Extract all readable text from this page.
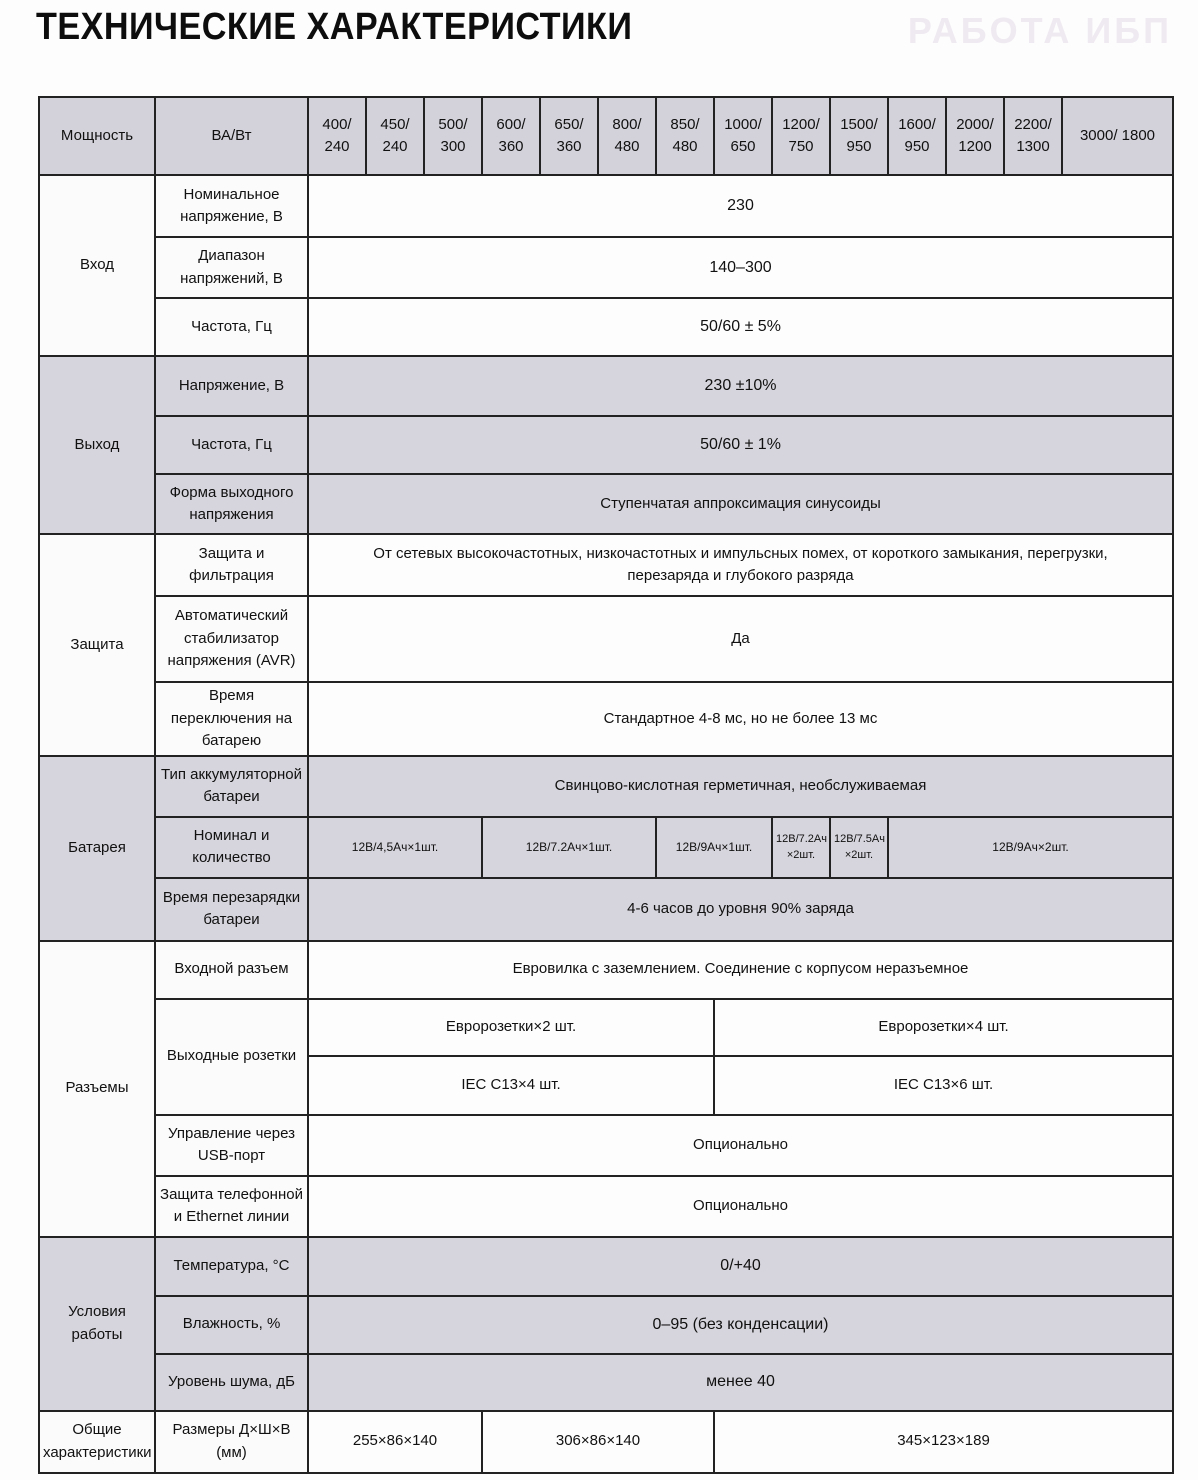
РАБОТА ИБП
ТЕХНИЧЕСКИЕ ХАРАКТЕРИСТИКИ
Мощность	ВА/Вт	400/ 240	450/ 240	500/ 300	600/ 360	650/ 360	800/ 480	850/ 480	1000/ 650	1200/ 750	1500/ 950	1600/ 950	2000/ 1200	2200/ 1300	3000/ 1800	
Вход	Номинальное напряжение, В	230														
	Диапазон напряжений, В	140–300														
	Частота, Гц	50/60 ± 5%														
Выход	Напряжение, В	230 ±10%														
	Частота, Гц	50/60 ± 1%														
	Форма выходного напряжения	Ступенчатая аппроксимация синусоиды														
Защита	Защита и фильтрация	От сетевых высокочастотных, низкочастотных и импульсных помех, от короткого замыкания, перегрузки, перезаряда и глубокого разряда														
	Автоматический стабилизатор напряжения (AVR)	Да														
	Время переключения на батарею	Стандартное 4-8 мс, но не более 13 мс														
Батарея	Тип аккумуляторной батареи	Свинцово-кислотная герметичная, необслуживаемая														
	Номинал и количество	12В/4,5Ач×1шт.			12В/7.2Ач×1шт.			12В/9Ач×1шт.		12В/7.2Ач ×2шт.	12В/7.5Ач ×2шт.	12В/9Ач×2шт.	
	Время перезарядки батареи	4-6 часов до уровня 90% заряда														
Разъемы	Входной разъем	Евровилка с заземлением. Соединение с корпусом неразъемное														
	Выходные розетки	Евророзетки×2 шт.							Евророзетки×4 шт.							
		IEC C13×4 шт.							IEC C13×6 шт.							
	Управление через USB-порт	Опционально														
	Защита телефонной и Ethernet линии	Опционально														
Условия работы	Температура, °С	0/+40														
	Влажность, %	0–95 (без конденсации)														
	Уровень шума, дБ	менее 40														
Общие характеристики	Размеры Д×Ш×В (мм)	255×86×140			306×86×140				345×123×189	
